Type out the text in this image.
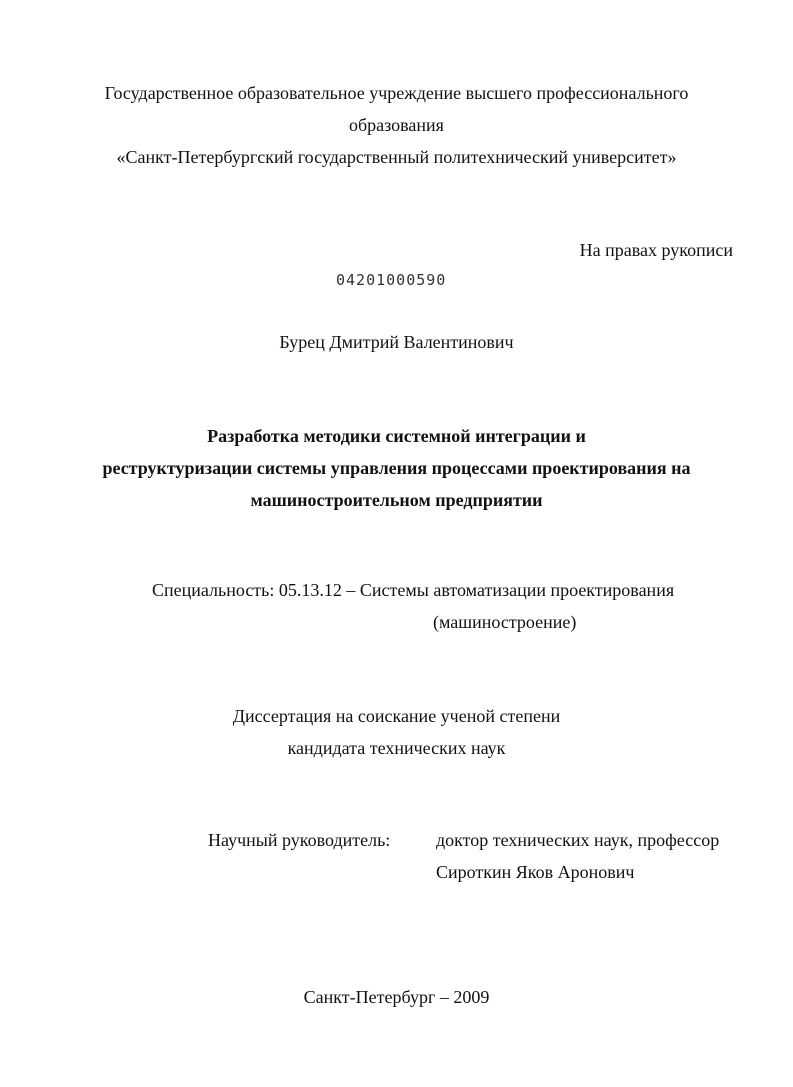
Государственное образовательное учреждение высшего профессионального
образования
«Санкт-Петербургский государственный политехнический университет»
На правах рукописи
04201000590
Бурец Дмитрий Валентинович
Разработка методики системной интеграции и
реструктуризации системы управления процессами проектирования на
машиностроительном предприятии
Специальность: 05.13.12 – Системы автоматизации проектирования
(машиностроение)
Диссертация на соискание ученой степени
кандидата технических наук
Научный руководитель:	доктор технических наук, профессор
Сироткин Яков Аронович
Санкт-Петербург – 2009
